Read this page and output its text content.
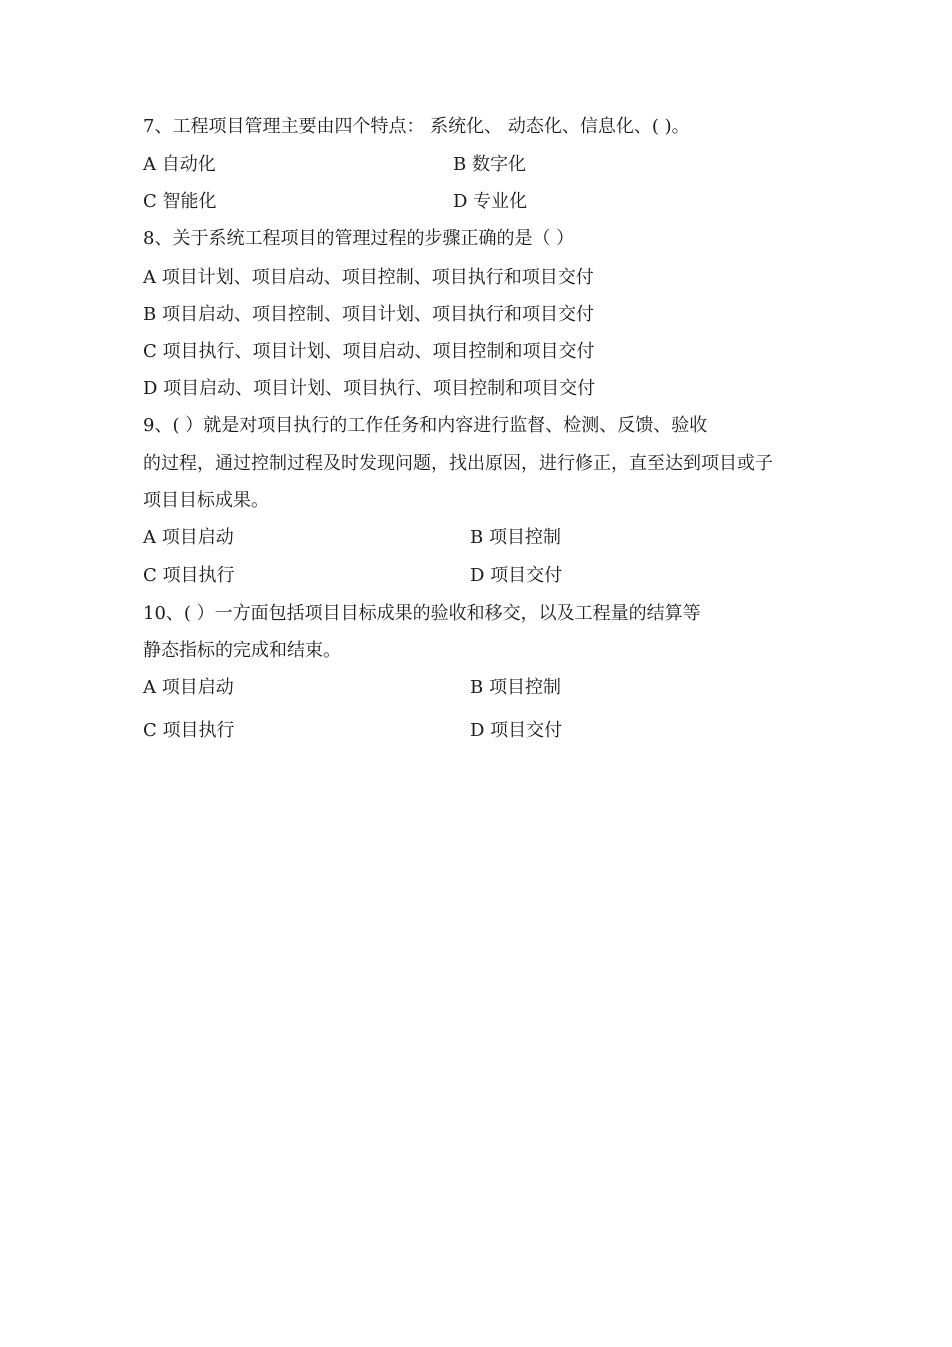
7、工程项目管理主要由四个特点： 系统化、 动态化、信息化、( )。
A 自动化	B 数字化
C 智能化	D 专业化
8、关于系统工程项目的管理过程的步骤正确的是（ ）
A 项目计划、项目启动、项目控制、项目执行和项目交付
B 项目启动、项目控制、项目计划、项目执行和项目交付
C 项目执行、项目计划、项目启动、项目控制和项目交付
D 项目启动、项目计划、项目执行、项目控制和项目交付
9、( ）就是对项目执行的工作任务和内容进行监督、检测、反馈、验收
的过程，通过控制过程及时发现问题，找出原因，进行修正，直至达到项目或子
项目目标成果。
A 项目启动	B 项目控制
C 项目执行	D 项目交付
10、( ）一方面包括项目目标成果的验收和移交，以及工程量的结算等
静态指标的完成和结束。
A 项目启动	B 项目控制
C 项目执行	D 项目交付
